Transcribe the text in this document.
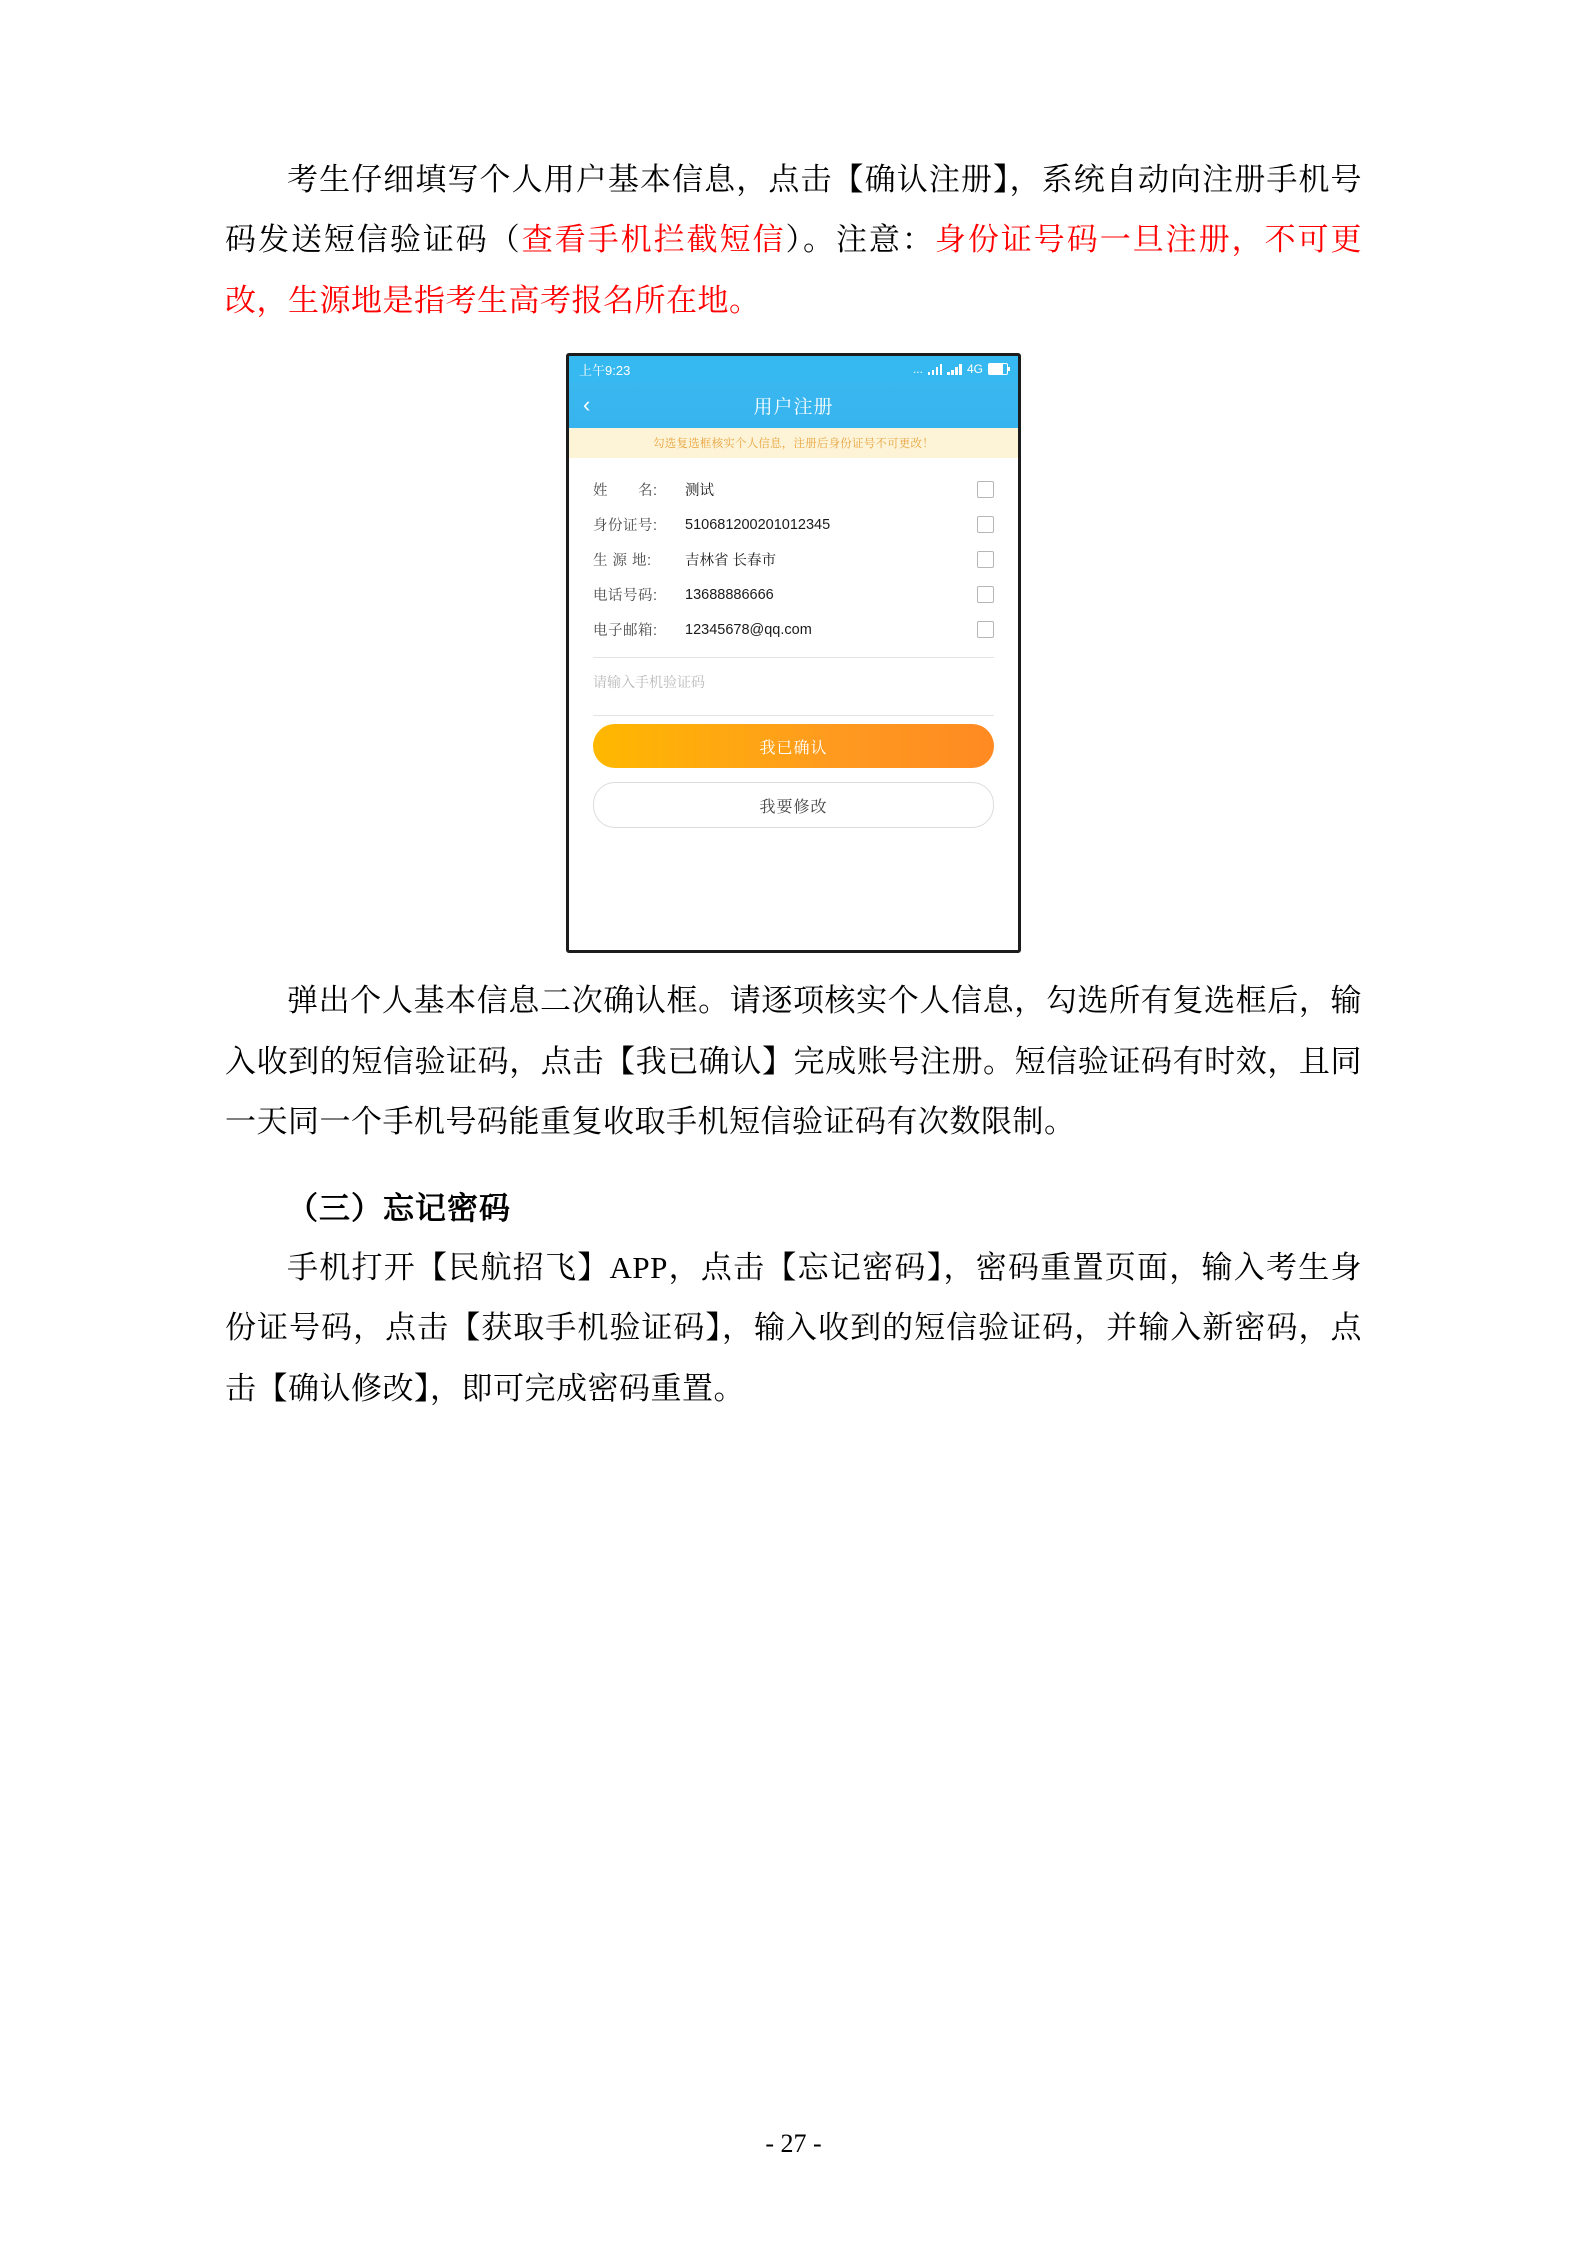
考生仔细填写个人用户基本信息，点击【确认注册】，系统自动向注册手机号码发送短信验证码（查看手机拦截短信）。注意：身份证号码一旦注册，不可更改，生源地是指考生高考报名所在地。

上午9:23	...	4G
‹	用户注册
勾选复选框核实个人信息，注册后身份证号不可更改！
姓　　名:	测试
身份证号:	510681200201012345
生 源 地:	吉林省 长春市
电话号码:	13688886666
电子邮箱:	12345678@qq.com
请输入手机验证码
我已确认
我要修改

弹出个人基本信息二次确认框。请逐项核实个人信息，勾选所有复选框后，输入收到的短信验证码，点击【我已确认】完成账号注册。短信验证码有时效，且同一天同一个手机号码能重复收取手机短信验证码有次数限制。

（三）忘记密码

手机打开【民航招飞】APP，点击【忘记密码】，密码重置页面，输入考生身份证号码，点击【获取手机验证码】，输入收到的短信验证码，并输入新密码，点击【确认修改】，即可完成密码重置。

- 27 -
